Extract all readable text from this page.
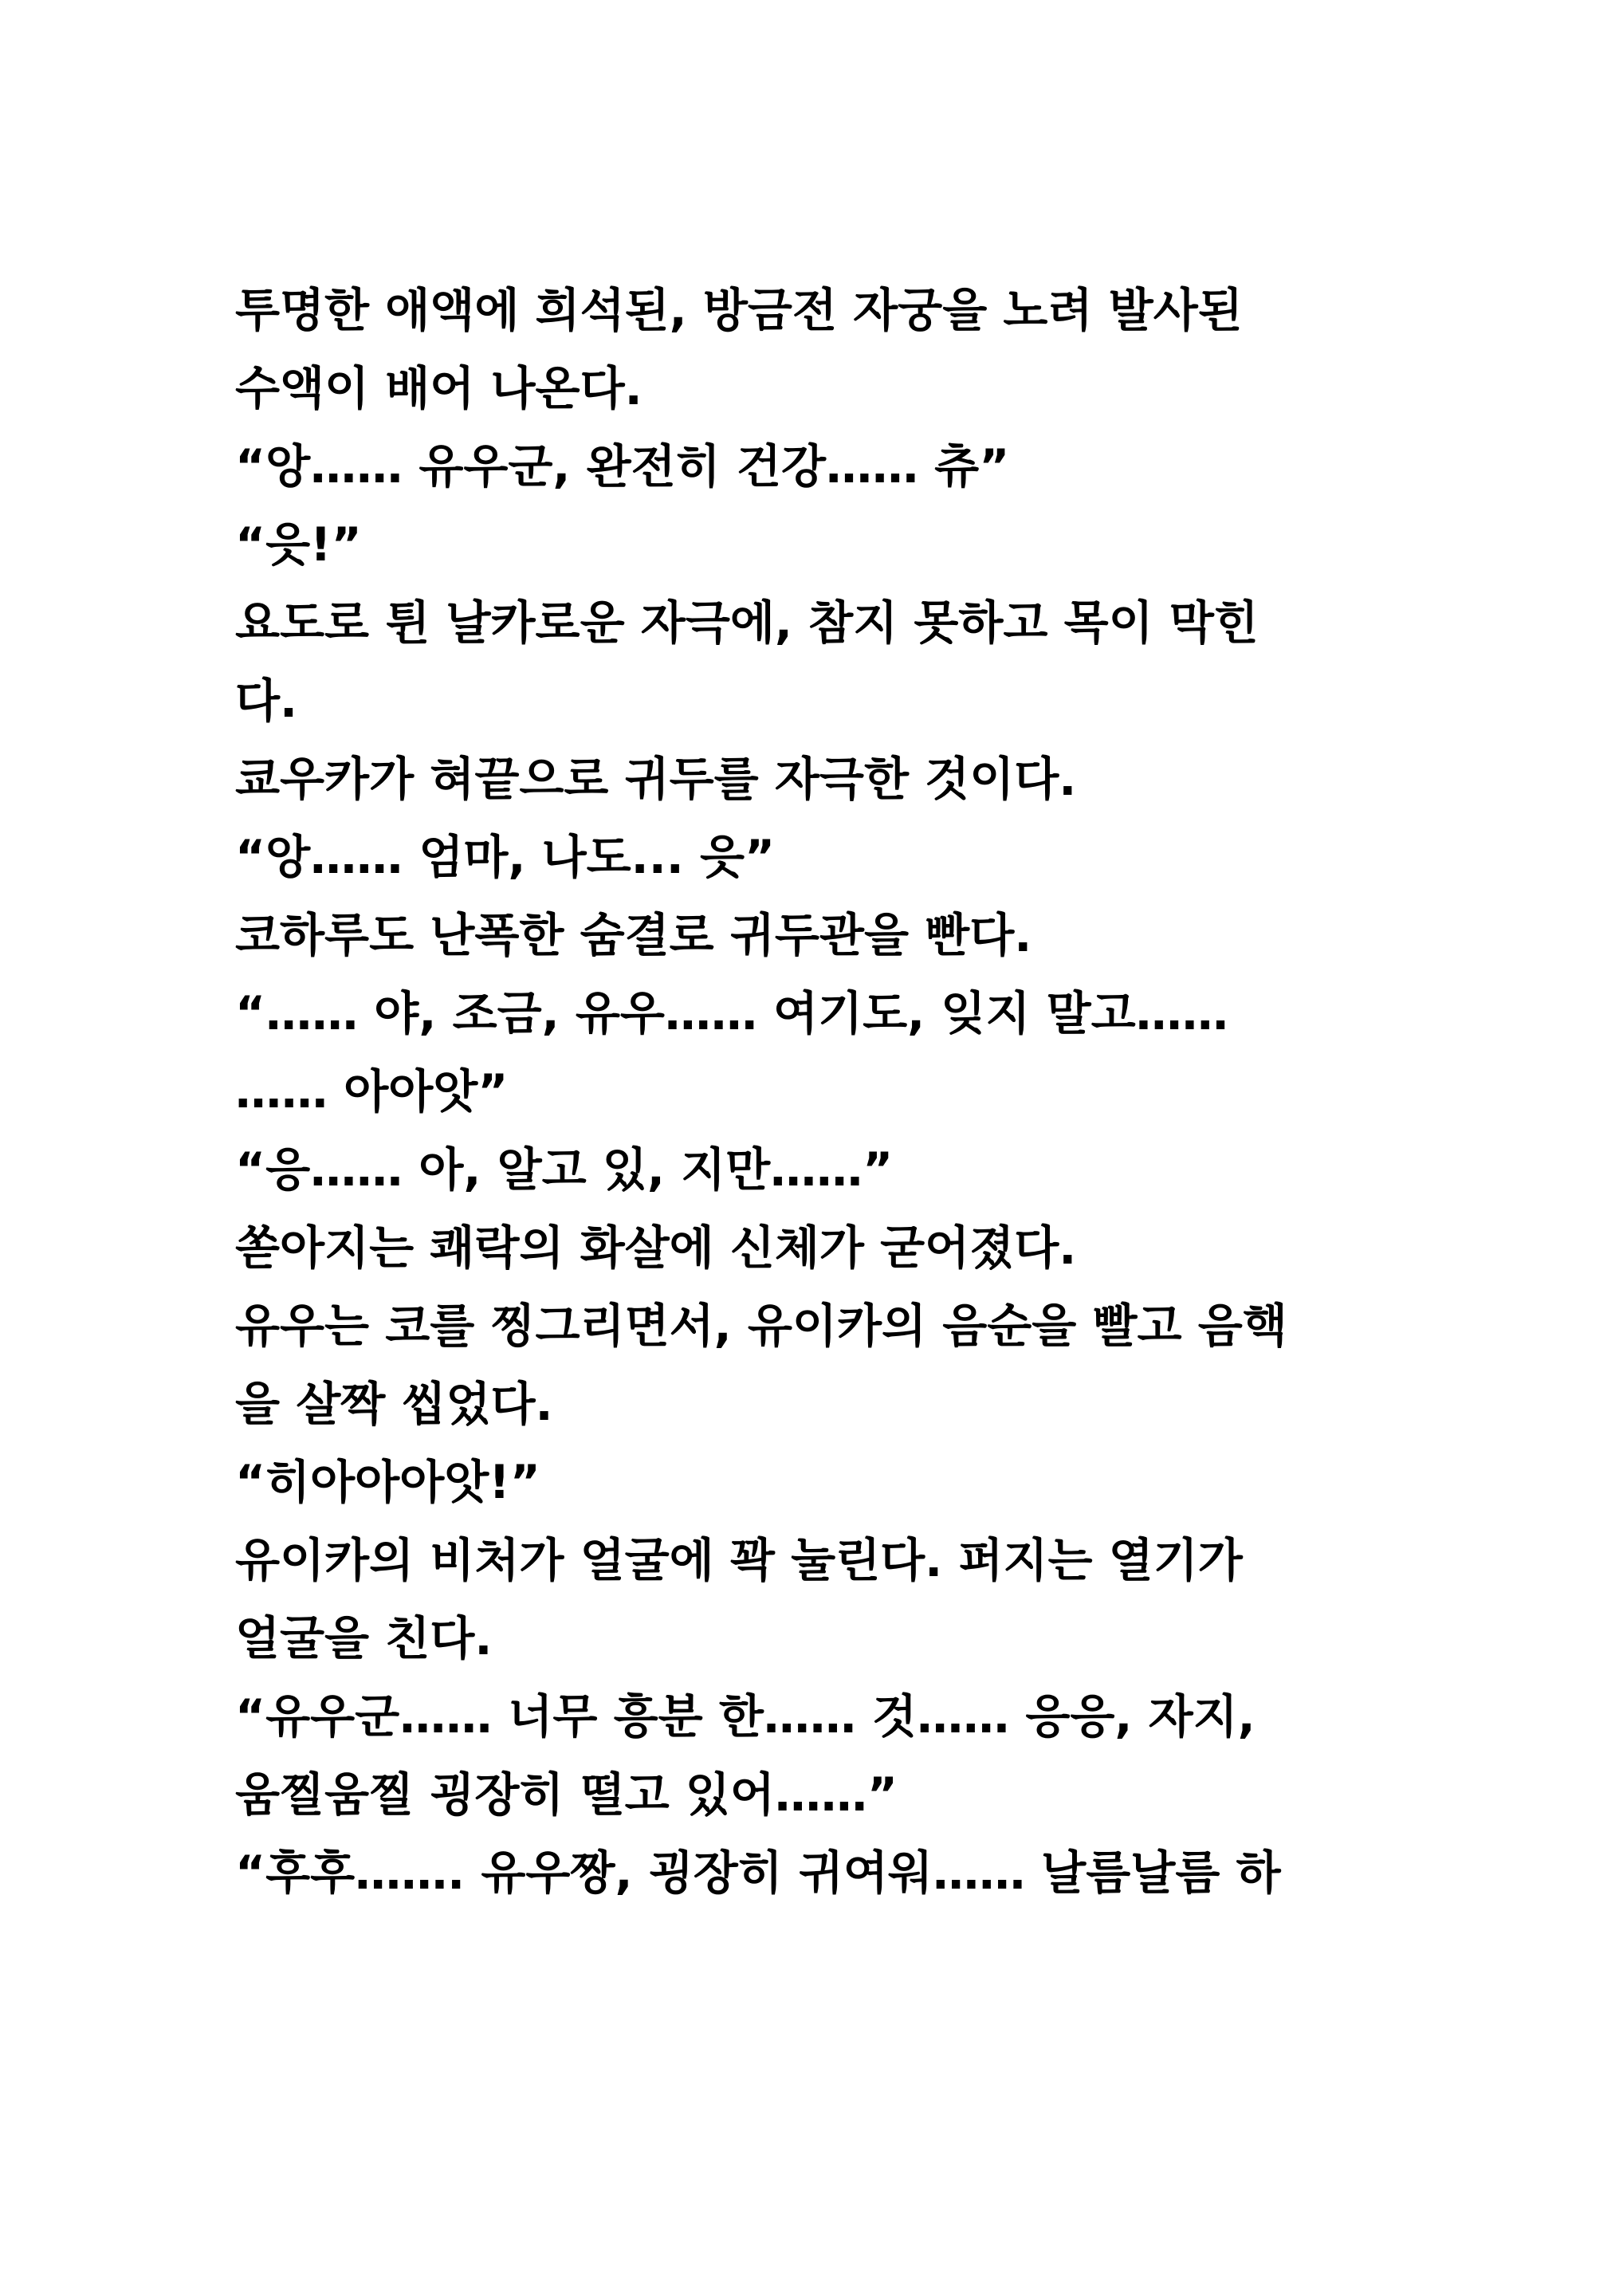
투명한 애액에 희석된, 방금전 자궁을 노려 발사된
수액이 배어 나온다.
“앙…… 유우군, 완전히 건강…… 츄”
“읏!”
요도로 튄 날카로운 자극에, 참지 못하고 목이 막힌
다.
쿄우카가 혀끝으로 귀두를 자극한 것이다.
“앙…… 엄마, 나도... 읏”
코하루도 난폭한 숨결로 귀두관을 빤다.
“…… 야, 조금, 유우…… 여기도, 잊지 말고……
…… 아아앗”
“응…… 아, 알고 있, 지만……”
쏟아지는 쾌락의 화살에 신체가 굳어졌다.
유우는 코를 찡그리면서, 유이카의 음순을 빨고 음핵
을 살짝 씹었다.
“히아아아앗!”
유이카의 비처가 얼굴에 꽉 눌린다. 퍼지는 열기가
얼굴을 친다.
“유우군…… 너무 흥분 한…… 것…… 응응, 자지,
움찔움찔 굉장히 떨고 있어……”
“후후……. 유우짱, 굉장히 귀여워…… 날름날름 하
